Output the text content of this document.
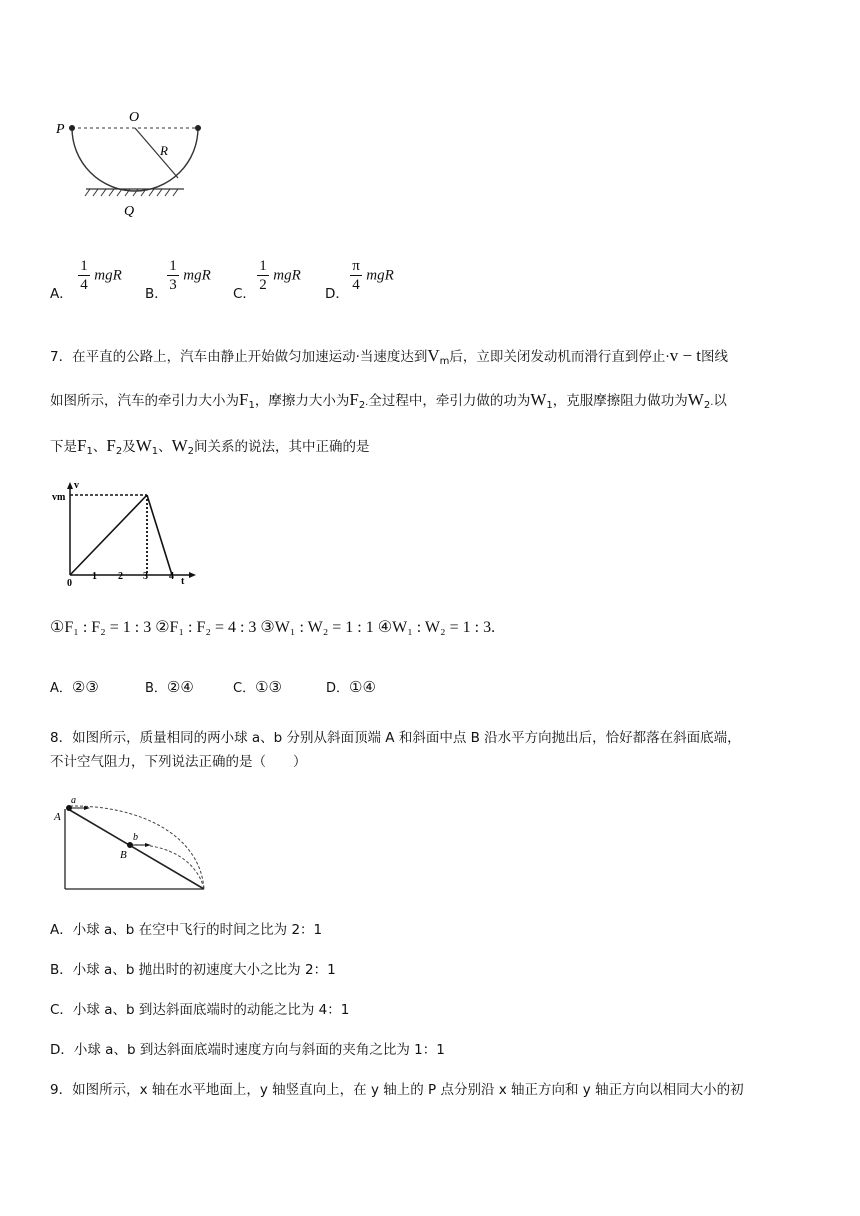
P
O
R
Q
A．
$\frac{1}{4}$ mgR
B．
$\frac{1}{3}$ mgR
C．
$\frac{1}{2}$ mgR
D．
$\frac{\pi}{4}$ mgR
7．在平直的公路上，汽车由静止开始做匀加速运动·当速度达到$V_m$后，立即关闭发动机而滑行直到停止·v − t图线
如图所示，汽车的牵引力大小为$F_1$，摩擦力大小为$F_{2\cdot}$全过程中，牵引力做的功为$W_1$，克服摩擦阻力做功为$W_{2\cdot}$以
下是$F_1$、$F_2$及$W_1$、$W_2$间关系的说法，其中正确的是
vm
v
t
0
1 2 3 4
①F₁ : F₂ = 1 : 3 ②F₁ : F₂ = 4 : 3 ③W₁ : W₂ = 1 : 1 ④W₁ : W₂ = 1 : 3.
A．②③	B．②④	C．①③	D．①④
8．如图所示，质量相同的两小球 a、b 分别从斜面顶端 A 和斜面中点 B 沿水平方向抛出后，恰好都落在斜面底端，
不计空气阻力，下列说法正确的是（　　）
a
A
b
B
A．小球 a、b 在空中飞行的时间之比为 2：1
B．小球 a、b 抛出时的初速度大小之比为 2：1
C．小球 a、b 到达斜面底端时的动能之比为 4：1
D．小球 a、b 到达斜面底端时速度方向与斜面的夹角之比为 1：1
9．如图所示，x 轴在水平地面上，y 轴竖直向上，在 y 轴上的 P 点分别沿 x 轴正方向和 y 轴正方向以相同大小的初
